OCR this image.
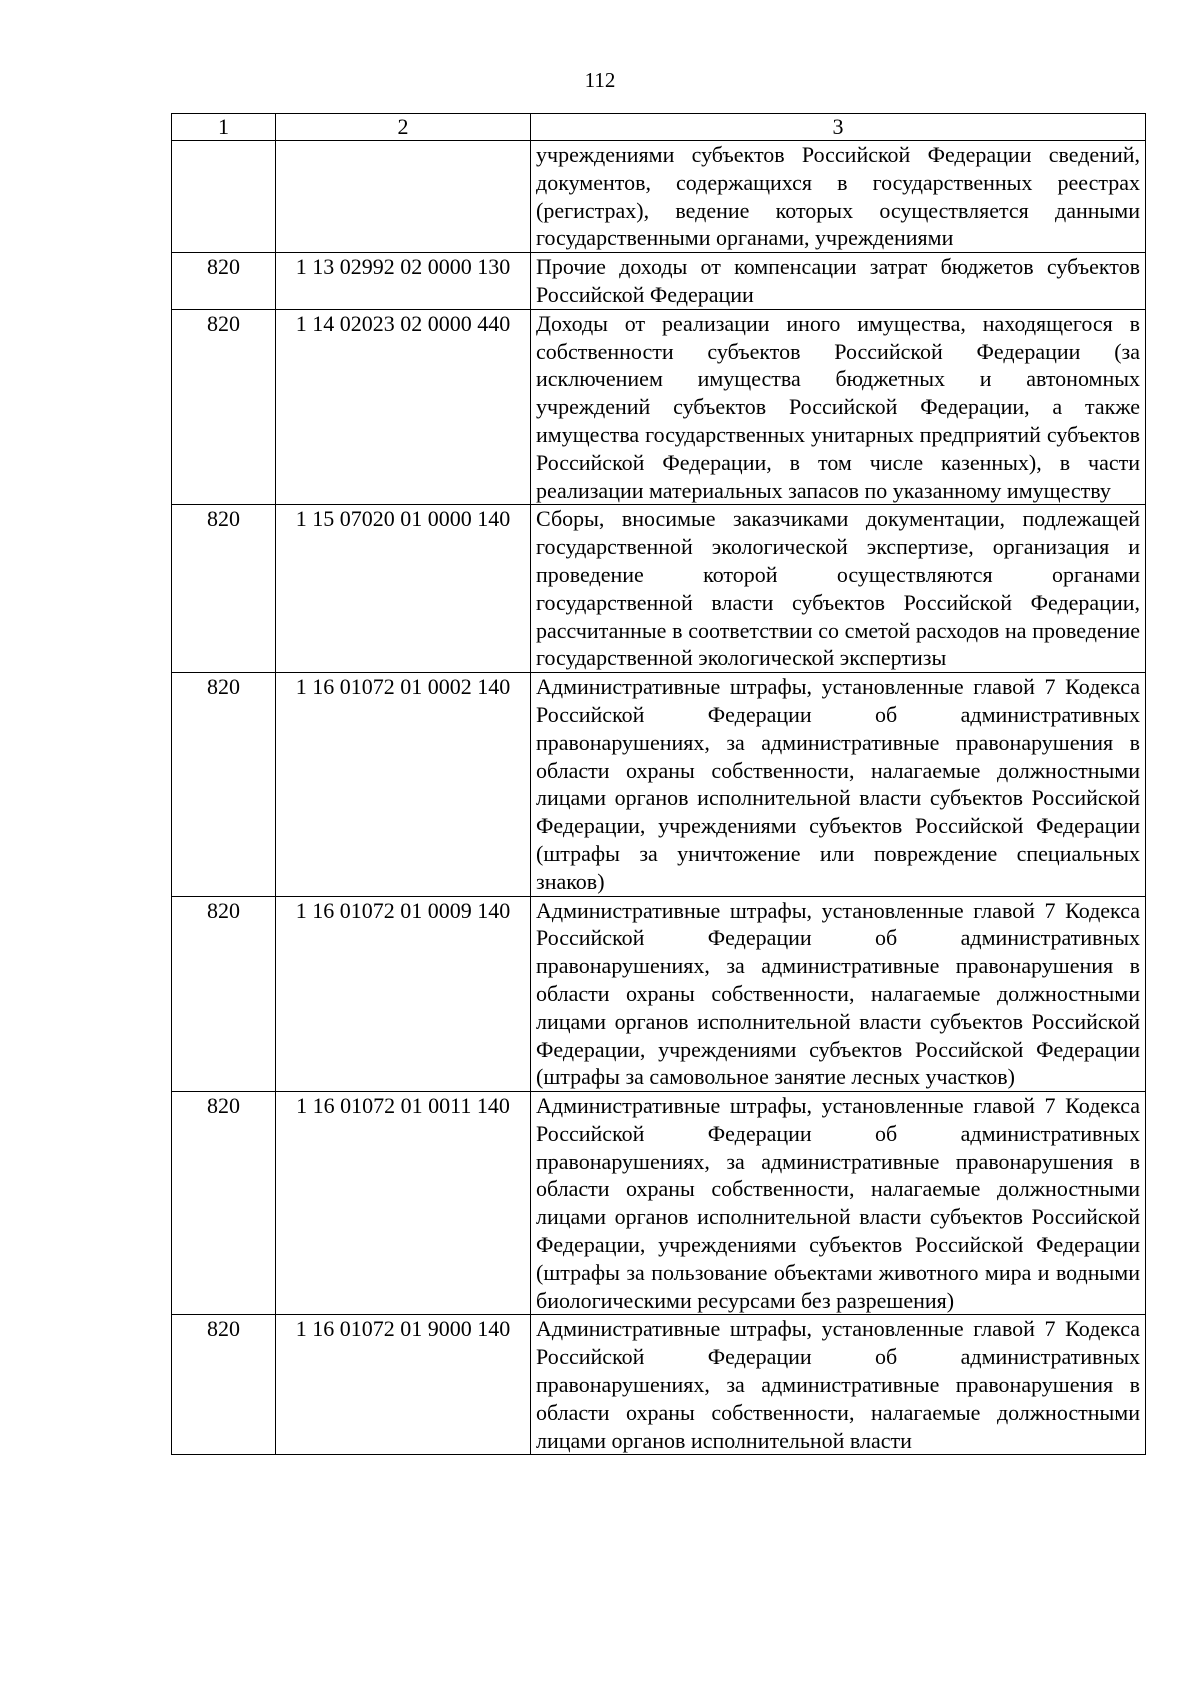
112
1	2	3
		учреждениями субъектов Российской Федерации сведений, документов, содержащихся в государственных реестрах (регистрах), ведение которых осуществляется данными государственными органами, учреждениями
820	1 13 02992 02 0000 130	Прочие доходы от компенсации затрат бюджетов субъектов Российской Федерации
820	1 14 02023 02 0000 440	Доходы от реализации иного имущества, находящегося в собственности субъектов Российской Федерации (за исключением имущества бюджетных и автономных учреждений субъектов Российской Федерации, а также имущества государственных унитарных предприятий субъектов Российской Федерации, в том числе казенных), в части реализации материальных запасов по указанному имуществу
820	1 15 07020 01 0000 140	Сборы, вносимые заказчиками документации, подлежащей государственной экологической экспертизе, организация и проведение которой осуществляются органами государственной власти субъектов Российской Федерации, рассчитанные в соответствии со сметой расходов на проведение государственной экологической экспертизы
820	1 16 01072 01 0002 140	Административные штрафы, установленные главой 7 Кодекса Российской Федерации об административных правонарушениях, за административные правонарушения в области охраны собственности, налагаемые должностными лицами органов исполнительной власти субъектов Российской Федерации, учреждениями субъектов Российской Федерации (штрафы за уничтожение или повреждение специальных знаков)
820	1 16 01072 01 0009 140	Административные штрафы, установленные главой 7 Кодекса Российской Федерации об административных правонарушениях, за административные правонарушения в области охраны собственности, налагаемые должностными лицами органов исполнительной власти субъектов Российской Федерации, учреждениями субъектов Российской Федерации (штрафы за самовольное занятие лесных участков)
820	1 16 01072 01 0011 140	Административные штрафы, установленные главой 7 Кодекса Российской Федерации об административных правонарушениях, за административные правонарушения в области охраны собственности, налагаемые должностными лицами органов исполнительной власти субъектов Российской Федерации, учреждениями субъектов Российской Федерации (штрафы за пользование объектами животного мира и водными биологическими ресурсами без разрешения)
820	1 16 01072 01 9000 140	Административные штрафы, установленные главой 7 Кодекса Российской Федерации об административных правонарушениях, за административные правонарушения в области охраны собственности, налагаемые должностными лицами органов исполнительной власти
